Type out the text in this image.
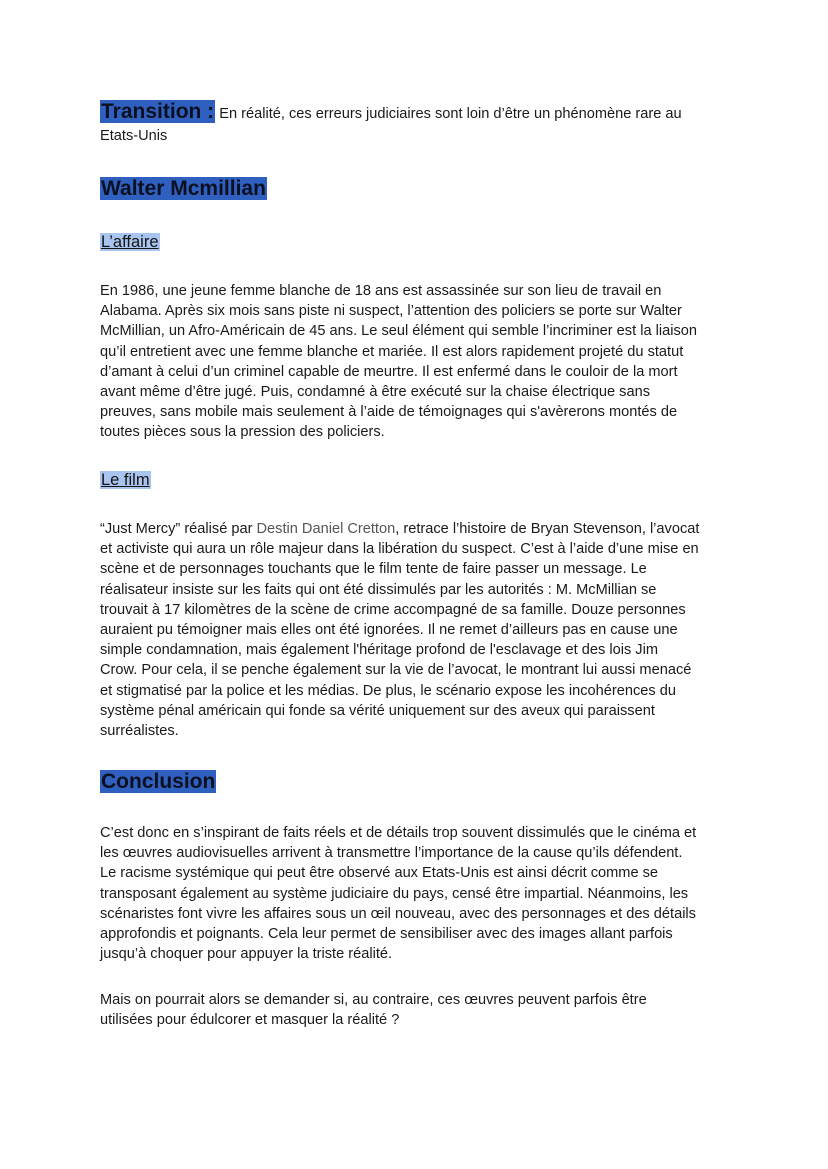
Transition : En réalité, ces erreurs judiciaires sont loin d’être un phénomène rare au
Etats-Unis
Walter Mcmillian
L’affaire
En 1986, une jeune femme blanche de 18 ans est assassinée sur son lieu de travail en
Alabama. Après six mois sans piste ni suspect, l’attention des policiers se porte sur Walter
McMillian, un Afro-Américain de 45 ans. Le seul élément qui semble l’incriminer est la liaison
qu’il entretient avec une femme blanche et mariée. Il est alors rapidement projeté du statut
d’amant à celui d’un criminel capable de meurtre. Il est enfermé dans le couloir de la mort
avant même d’être jugé. Puis, condamné à être exécuté sur la chaise électrique sans
preuves, sans mobile mais seulement à l’aide de témoignages qui s'avèrerons montés de
toutes pièces sous la pression des policiers.
Le film
“Just Mercy” réalisé par Destin Daniel Cretton, retrace l’histoire de Bryan Stevenson, l’avocat
et activiste qui aura un rôle majeur dans la libération du suspect. C’est à l’aide d’une mise en
scène et de personnages touchants que le film tente de faire passer un message. Le
réalisateur insiste sur les faits qui ont été dissimulés par les autorités : M. McMillian se
trouvait à 17 kilomètres de la scène de crime accompagné de sa famille. Douze personnes
auraient pu témoigner mais elles ont été ignorées. Il ne remet d’ailleurs pas en cause une
simple condamnation, mais également l'héritage profond de l'esclavage et des lois Jim
Crow. Pour cela, il se penche également sur la vie de l’avocat, le montrant lui aussi menacé
et stigmatisé par la police et les médias. De plus, le scénario expose les incohérences du
système pénal américain qui fonde sa vérité uniquement sur des aveux qui paraissent
surréalistes.
Conclusion
C’est donc en s’inspirant de faits réels et de détails trop souvent dissimulés que le cinéma et
les œuvres audiovisuelles arrivent à transmettre l’importance de la cause qu’ils défendent.
Le racisme systémique qui peut être observé aux Etats-Unis est ainsi décrit comme se
transposant également au système judiciaire du pays, censé être impartial. Néanmoins, les
scénaristes font vivre les affaires sous un œil nouveau, avec des personnages et des détails
approfondis et poignants. Cela leur permet de sensibiliser avec des images allant parfois
jusqu’à choquer pour appuyer la triste réalité.
Mais on pourrait alors se demander si, au contraire, ces œuvres peuvent parfois être
utilisées pour édulcorer et masquer la réalité ?
